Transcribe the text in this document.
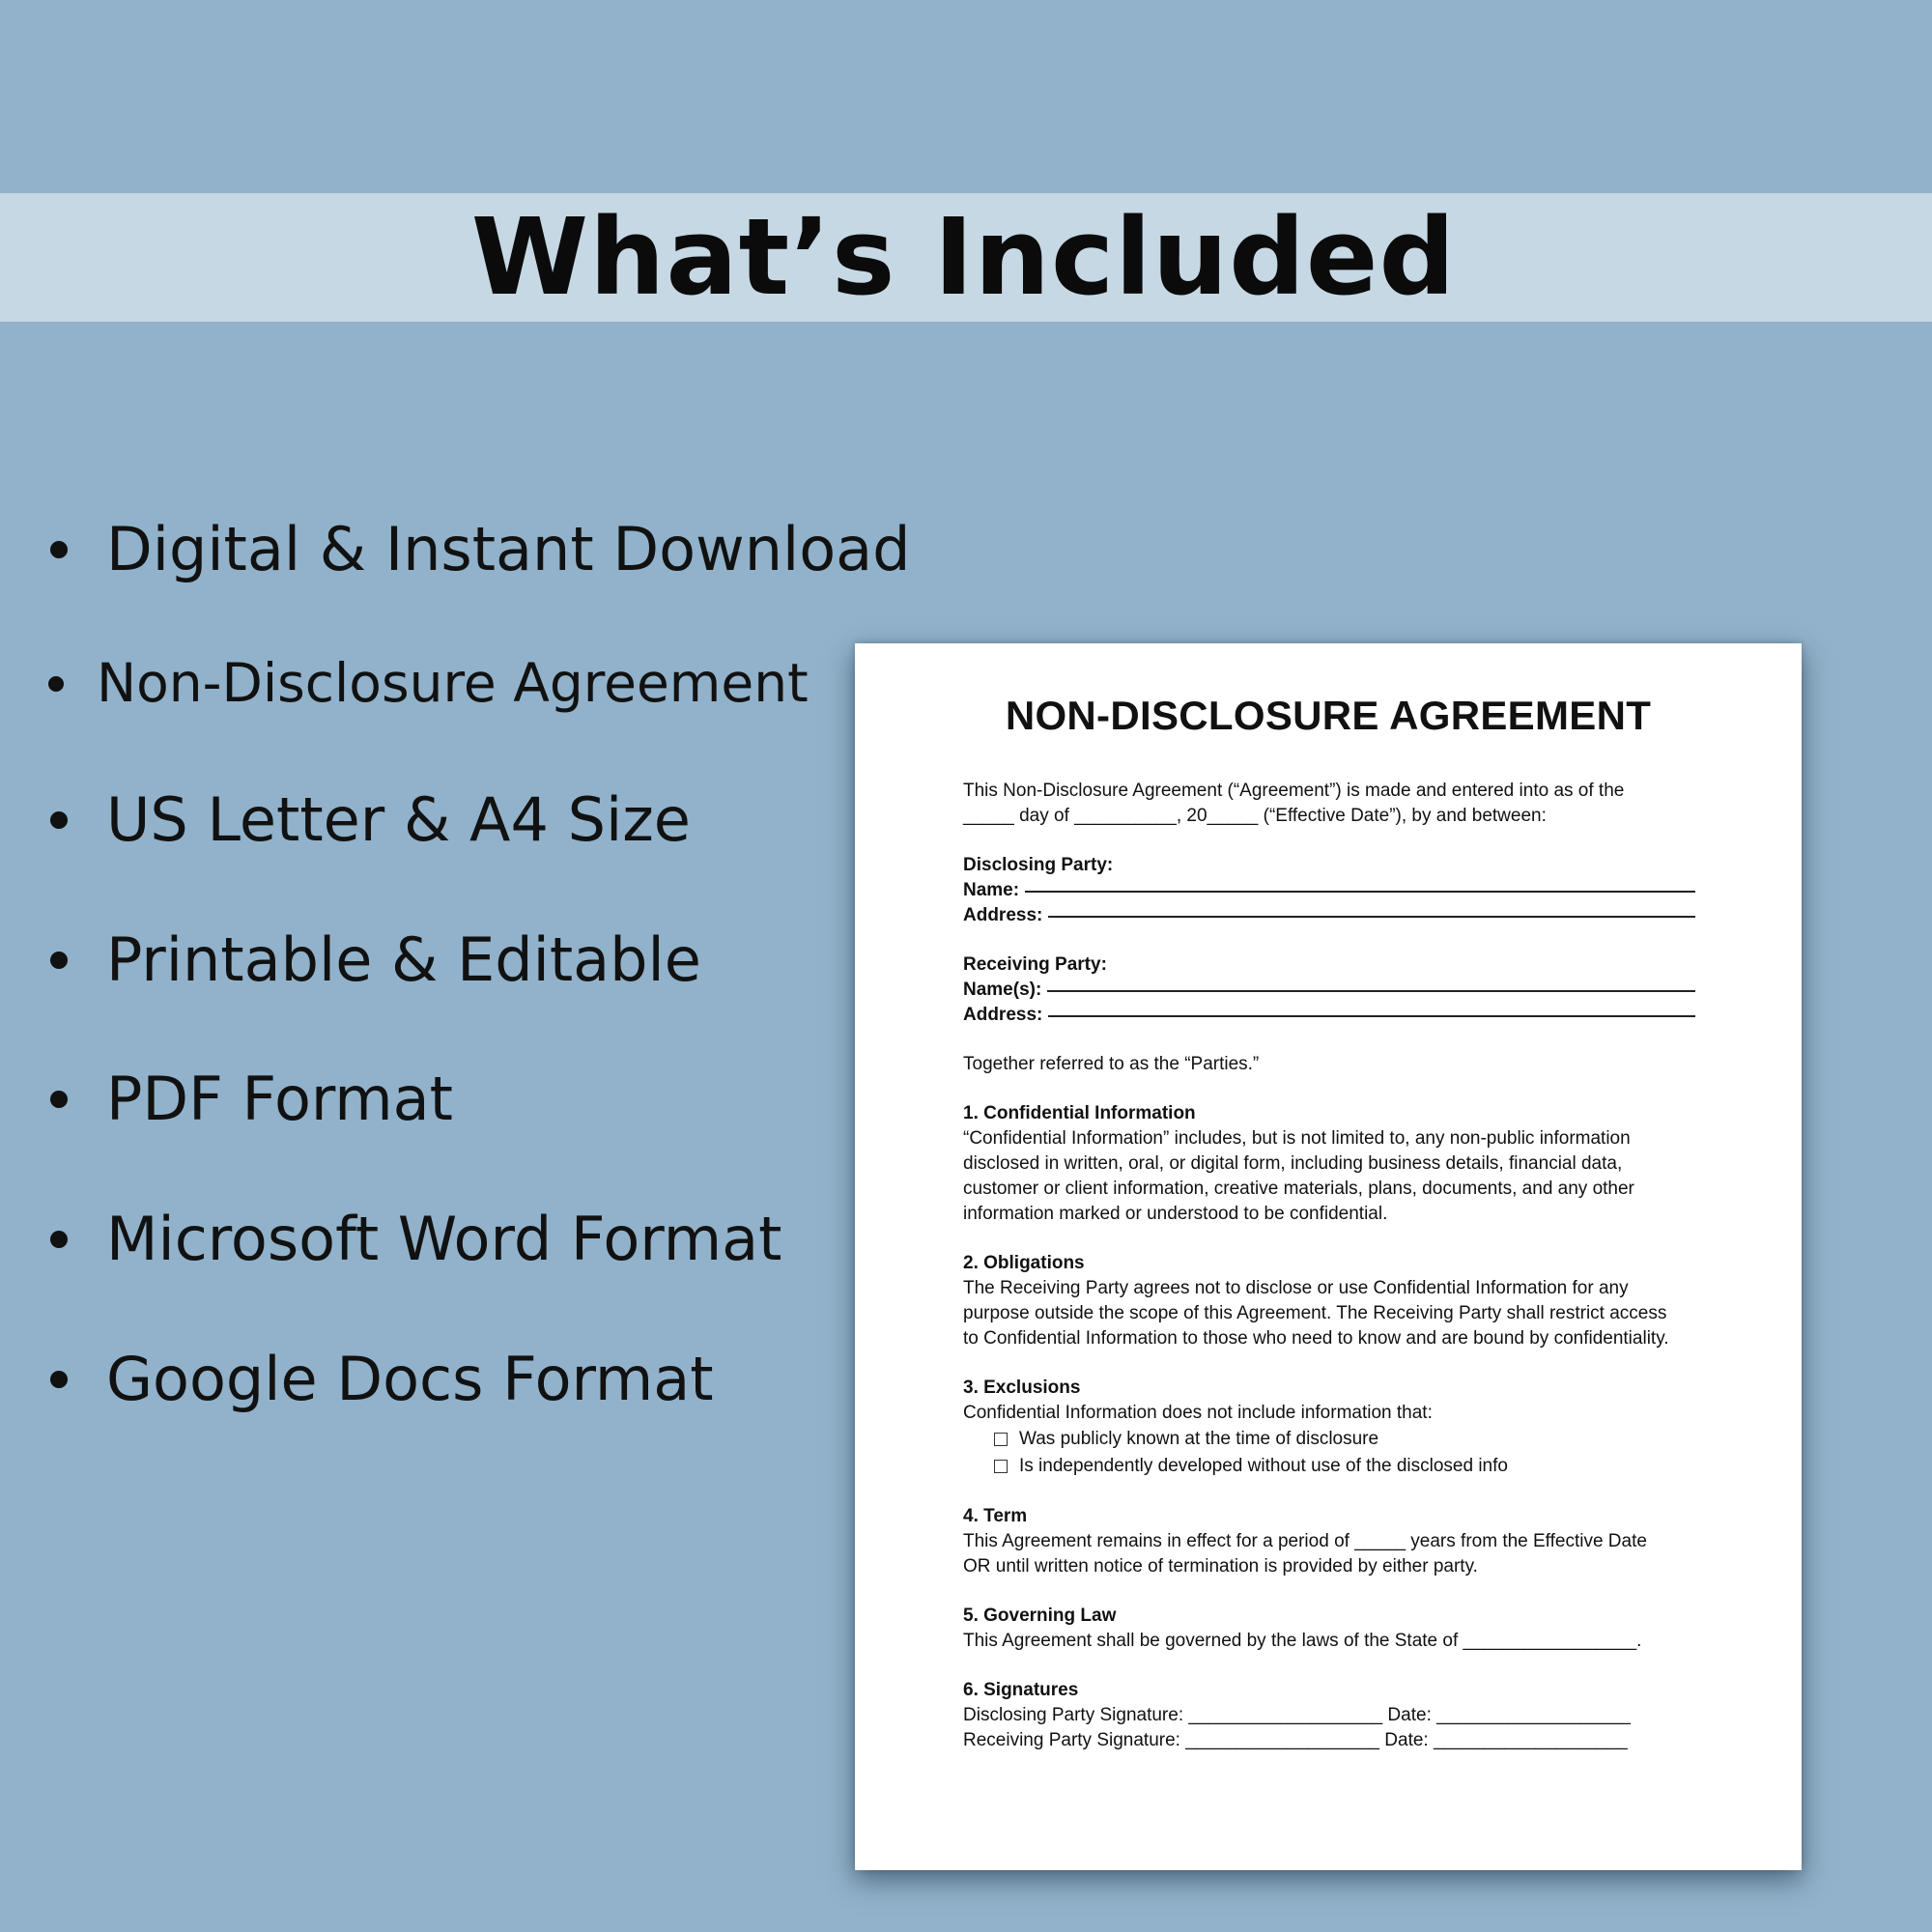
What’s Included
Digital & Instant Download
Non-Disclosure Agreement
US Letter & A4 Size
Printable & Editable
PDF Format
Microsoft Word Format
Google Docs Format
NON-DISCLOSURE AGREEMENT

This Non-Disclosure Agreement (“Agreement”) is made and entered into as of the

_____ day of __________, 20_____ (“Effective Date”), by and between:

Disclosing Party:

Name:
Address:

Receiving Party:

Name(s):
Address:

Together referred to as the “Parties.”

1. Confidential Information

“Confidential Information” includes, but is not limited to, any non-public information

disclosed in written, oral, or digital form, including business details, financial data,

customer or client information, creative materials, plans, documents, and any other

information marked or understood to be confidential.

2. Obligations

The Receiving Party agrees not to disclose or use Confidential Information for any

purpose outside the scope of this Agreement. The Receiving Party shall restrict access

to Confidential Information to those who need to know and are bound by confidentiality.

3. Exclusions

Confidential Information does not include information that:

Was publicly known at the time of disclosure
Is independently developed without use of the disclosed info

4. Term

This Agreement remains in effect for a period of _____ years from the Effective Date

OR until written notice of termination is provided by either party.

5. Governing Law

This Agreement shall be governed by the laws of the State of _________________.

6. Signatures

Disclosing Party Signature: ___________________ Date: ___________________

Receiving Party Signature: ___________________ Date: ___________________
